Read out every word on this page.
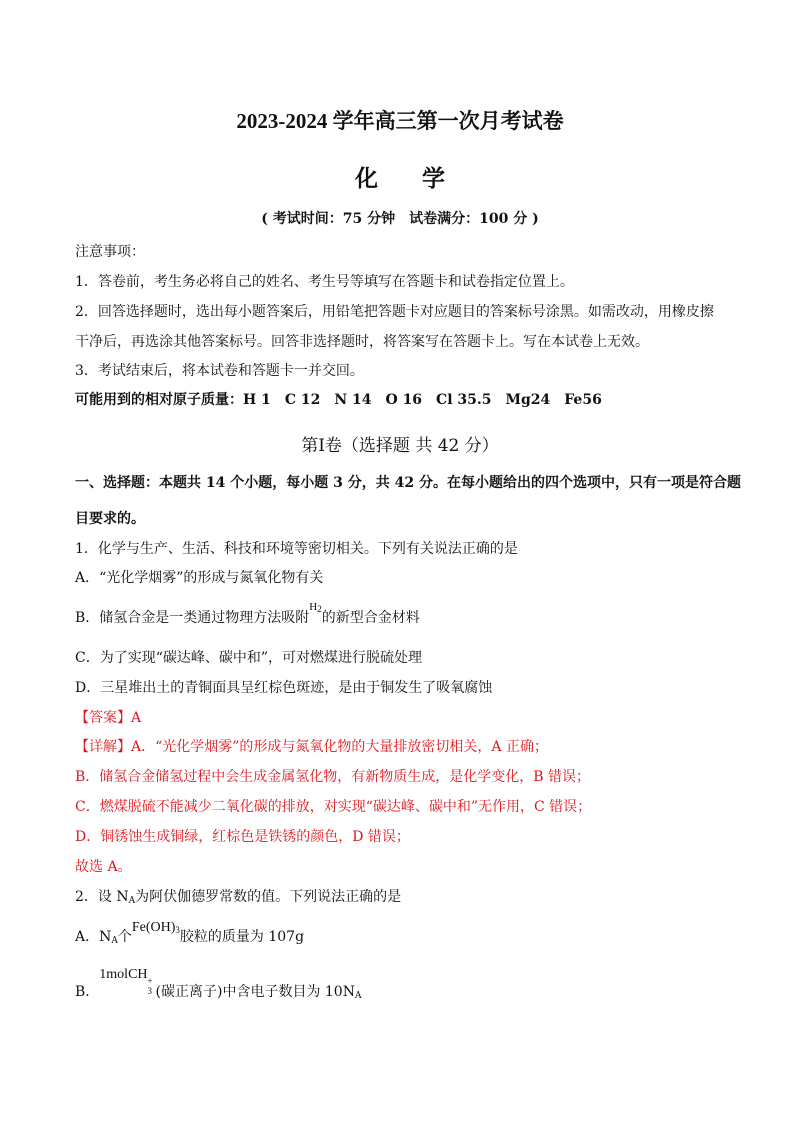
2023-2024 学年高三第一次月考试卷
化学
( 考试时间：75 分钟　试卷满分：100 分 )
注意事项：
1．答卷前，考生务必将自己的姓名、考生号等填写在答题卡和试卷指定位置上。
2．回答选择题时，选出每小题答案后，用铅笔把答题卡对应题目的答案标号涂黑。如需改动，用橡皮擦
干净后，再选涂其他答案标号。回答非选择题时，将答案写在答题卡上。写在本试卷上无效。
3．考试结束后，将本试卷和答题卡一并交回。
可能用到的相对原子质量：H 1　C 12　N 14　O 16　Cl 35.5　Mg24　Fe56
第Ⅰ卷（选择题 共 42 分）
一、选择题：本题共 14 个小题，每小题 3 分，共 42 分。在每小题给出的四个选项中，只有一项是符合题
目要求的。
1．化学与生产、生活、科技和环境等密切相关。下列有关说法正确的是
A．“光化学烟雾”的形成与氮氧化物有关
B．储氢合金是一类通过物理方法吸附$H_2$的新型合金材料
C．为了实现“碳达峰、碳中和”，可对燃煤进行脱硫处理
D．三星堆出土的青铜面具呈红棕色斑迹，是由于铜发生了吸氧腐蚀
【答案】A
【详解】A．“光化学烟雾”的形成与氮氧化物的大量排放密切相关，A 正确；
B．储氢合金储氢过程中会生成金属氢化物，有新物质生成，是化学变化，B 错误；
C．燃煤脱硫不能减少二氧化碳的排放，对实现“碳达峰、碳中和”无作用，C 错误；
D．铜锈蚀生成铜绿，红棕色是铁锈的颜色，D 错误；
故选 A。
2．设 $N_A$为阿伏伽德罗常数的值。下列说法正确的是
A．$N_A$个$Fe(OH)_3$胶粒的质量为 107g
B．1molCH +
3 (碳正离子)中含电子数目为 $10N_A$
